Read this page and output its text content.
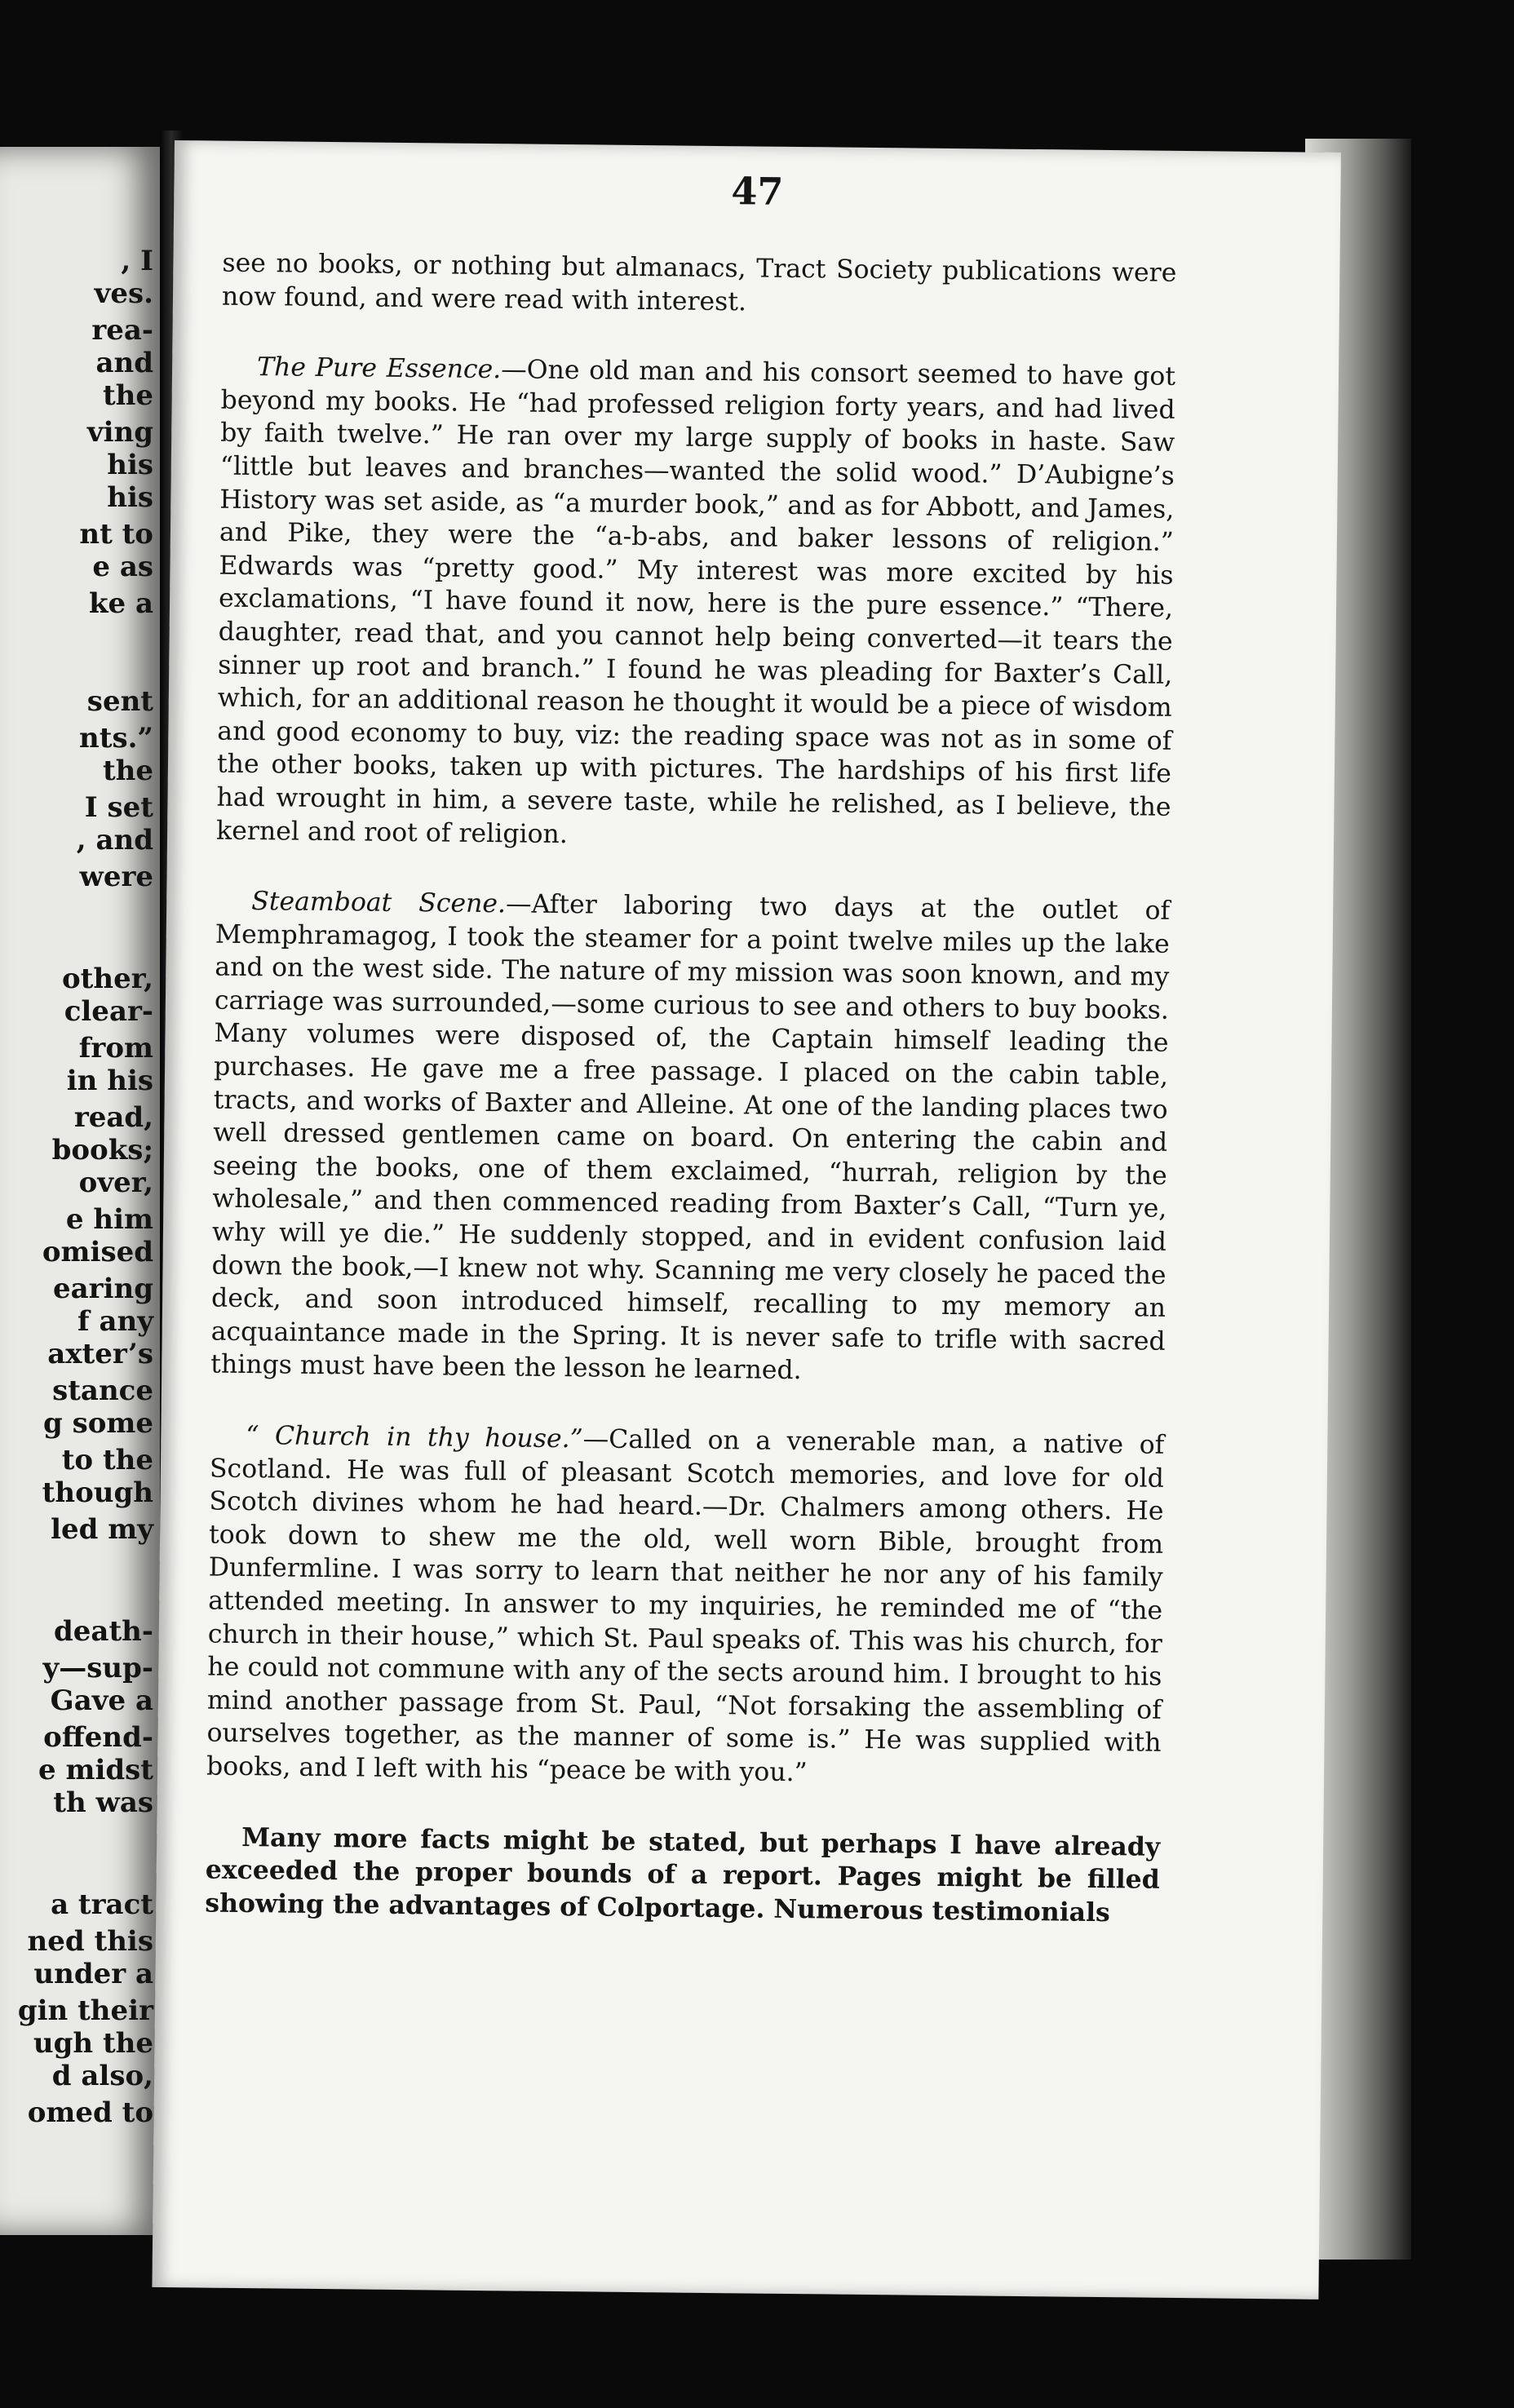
, I

ves.

rea-

and

the

ving

his

his

nt to

e as

ke a

sent

nts.”

the

I set

, and

were

other,

clear-

from

in his

read,

books;

over,

e him

omised

earing

f any

axter’s

stance

g some

to the

though

led my

death-

y—sup-

Gave a

offend-

e midst

th was

a tract

ned this

under a

gin their

ugh the

d also,

omed to

47

see no books, or nothing but almanacs, Tract Society publications were now found, and were read with interest.

The Pure Essence.—One old man and his consort seemed to have got beyond my books. He “had professed religion forty years, and had lived by faith twelve.” He ran over my large supply of books in haste. Saw “little but leaves and branches—wanted the solid wood.” D’Aubigne’s History was set aside, as “a murder book,” and as for Abbott, and James, and Pike, they were the “a-b-abs, and baker lessons of religion.” Edwards was “pretty good.” My interest was more excited by his exclamations, “I have found it now, here is the pure essence.” “There, daughter, read that, and you cannot help being converted—it tears the sinner up root and branch.” I found he was pleading for Baxter’s Call, which, for an additional reason he thought it would be a piece of wisdom and good economy to buy, viz: the reading space was not as in some of the other books, taken up with pictures. The hardships of his first life had wrought in him, a severe taste, while he relished, as I believe, the kernel and root of religion.

Steamboat Scene.—After laboring two days at the outlet of Memphramagog, I took the steamer for a point twelve miles up the lake and on the west side. The nature of my mission was soon known, and my carriage was surrounded,—some curious to see and others to buy books. Many volumes were disposed of, the Captain himself leading the purchases. He gave me a free passage. I placed on the cabin table, tracts, and works of Baxter and Alleine. At one of the landing places two well dressed gentlemen came on board. On entering the cabin and seeing the books, one of them exclaimed, “hurrah, religion by the wholesale,” and then commenced reading from Baxter’s Call, “Turn ye, why will ye die.” He suddenly stopped, and in evident confusion laid down the book,—I knew not why. Scanning me very closely he paced the deck, and soon introduced himself, recalling to my memory an acquaintance made in the Spring. It is never safe to trifle with sacred things must have been the lesson he learned.

“ Church in thy house.”—Called on a venerable man, a native of Scotland. He was full of pleasant Scotch memories, and love for old Scotch divines whom he had heard.—Dr. Chalmers among others. He took down to shew me the old, well worn Bible, brought from Dunfermline. I was sorry to learn that neither he nor any of his family attended meeting. In answer to my inquiries, he reminded me of “the church in their house,” which St. Paul speaks of. This was his church, for he could not commune with any of the sects around him. I brought to his mind another passage from St. Paul, “Not forsaking the assembling of ourselves together, as the manner of some is.” He was supplied with books, and I left with his “peace be with you.”

Many more facts might be stated, but perhaps I have already exceeded the proper bounds of a report. Pages might be filled showing the advantages of Colportage. Numerous testimonials
